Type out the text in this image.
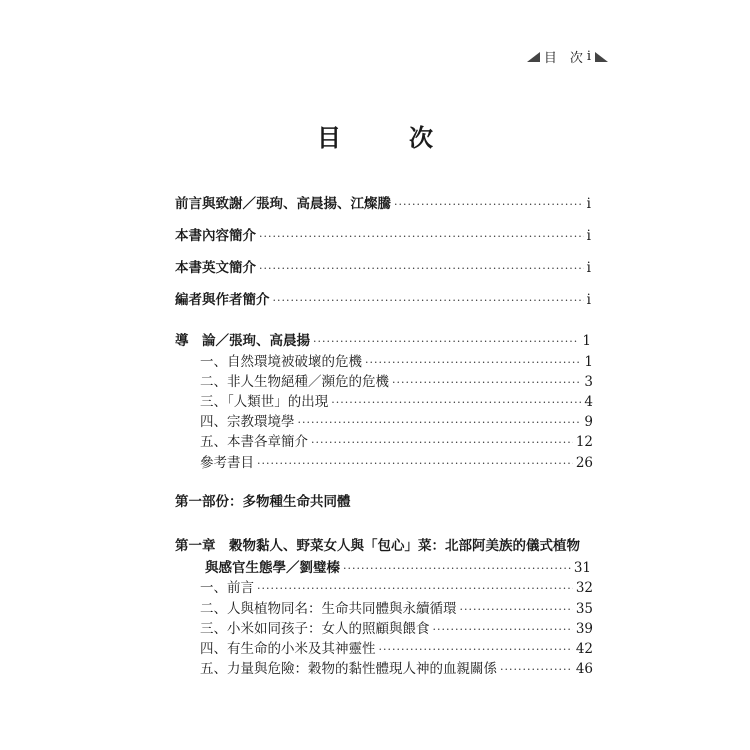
目　次 i
目　次
前言與致謝／張珣、高晨揚、江燦騰 ·····	i
本書內容簡介 ·····	i
本書英文簡介 ·····	i
編者與作者簡介 ·····	i
導　論／張珣、高晨揚 ·····	1
一、自然環境被破壞的危機 ·····	1
二、非人生物絕種／瀕危的危機 ·····	3
三、「人類世」的出現 ·····	4
四、宗教環境學 ·····	9
五、本書各章簡介 ·····	12
參考書目 ·····	26
第一部份：多物種生命共同體
第一章　穀物黏人、野菜女人與「包心」菜：北部阿美族的儀式植物
與感官生態學／劉璧榛 ·····	31
一、前言 ·····	32
二、人與植物同名：生命共同體與永續循環 ·····	35
三、小米如同孩子：女人的照顧與餵食 ·····	39
四、有生命的小米及其神靈性 ·····	42
五、力量與危險：穀物的黏性體現人神的血親關係 ·····	46
